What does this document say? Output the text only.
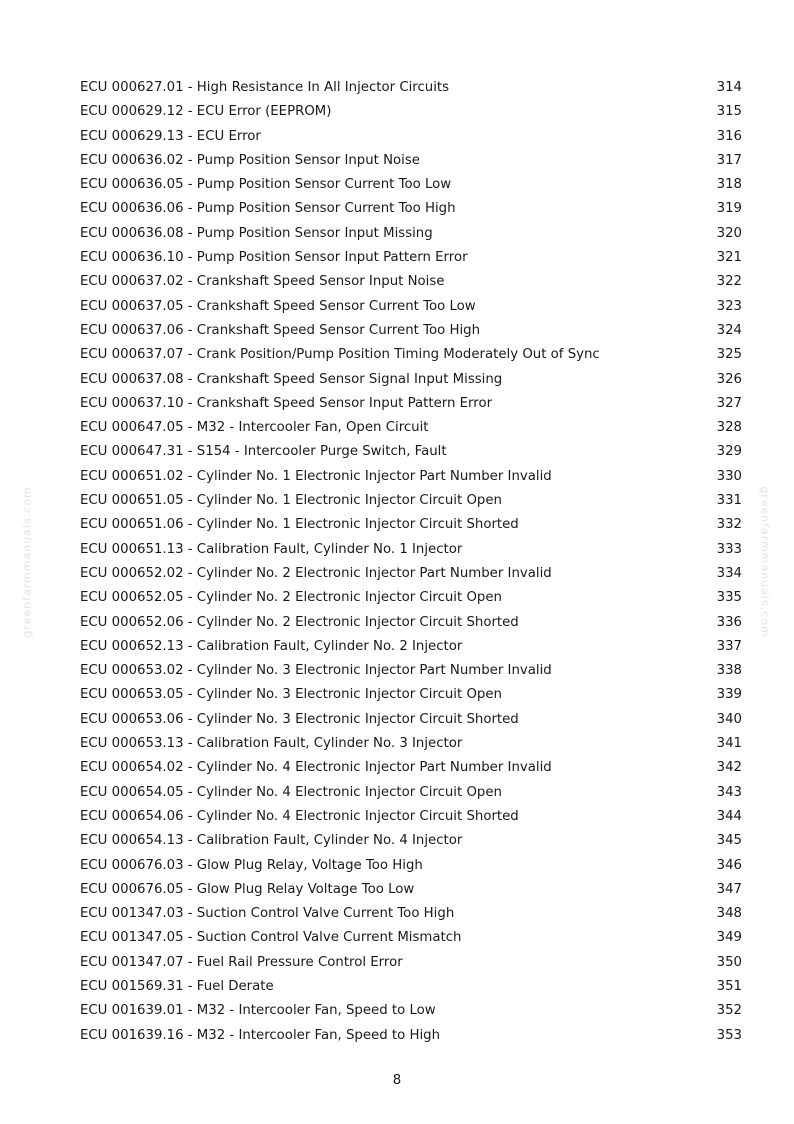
greenfarmmanuals.com	greenfarmmanuals.com
ECU 000627.01 - High Resistance In All Injector Circuits	314
ECU 000629.12 - ECU Error (EEPROM)	315
ECU 000629.13 - ECU Error	316
ECU 000636.02 - Pump Position Sensor Input Noise	317
ECU 000636.05 - Pump Position Sensor Current Too Low	318
ECU 000636.06 - Pump Position Sensor Current Too High	319
ECU 000636.08 - Pump Position Sensor Input Missing	320
ECU 000636.10 - Pump Position Sensor Input Pattern Error	321
ECU 000637.02 - Crankshaft Speed Sensor Input Noise	322
ECU 000637.05 - Crankshaft Speed Sensor Current Too Low	323
ECU 000637.06 - Crankshaft Speed Sensor Current Too High	324
ECU 000637.07 - Crank Position/Pump Position Timing Moderately Out of Sync	325
ECU 000637.08 - Crankshaft Speed Sensor Signal Input Missing	326
ECU 000637.10 - Crankshaft Speed Sensor Input Pattern Error	327
ECU 000647.05 - M32 - Intercooler Fan, Open Circuit	328
ECU 000647.31 - S154 - Intercooler Purge Switch, Fault	329
ECU 000651.02 - Cylinder No. 1 Electronic Injector Part Number Invalid	330
ECU 000651.05 - Cylinder No. 1 Electronic Injector Circuit Open	331
ECU 000651.06 - Cylinder No. 1 Electronic Injector Circuit Shorted	332
ECU 000651.13 - Calibration Fault, Cylinder No. 1 Injector	333
ECU 000652.02 - Cylinder No. 2 Electronic Injector Part Number Invalid	334
ECU 000652.05 - Cylinder No. 2 Electronic Injector Circuit Open	335
ECU 000652.06 - Cylinder No. 2 Electronic Injector Circuit Shorted	336
ECU 000652.13 - Calibration Fault, Cylinder No. 2 Injector	337
ECU 000653.02 - Cylinder No. 3 Electronic Injector Part Number Invalid	338
ECU 000653.05 - Cylinder No. 3 Electronic Injector Circuit Open	339
ECU 000653.06 - Cylinder No. 3 Electronic Injector Circuit Shorted	340
ECU 000653.13 - Calibration Fault, Cylinder No. 3 Injector	341
ECU 000654.02 - Cylinder No. 4 Electronic Injector Part Number Invalid	342
ECU 000654.05 - Cylinder No. 4 Electronic Injector Circuit Open	343
ECU 000654.06 - Cylinder No. 4 Electronic Injector Circuit Shorted	344
ECU 000654.13 - Calibration Fault, Cylinder No. 4 Injector	345
ECU 000676.03 - Glow Plug Relay, Voltage Too High	346
ECU 000676.05 - Glow Plug Relay Voltage Too Low	347
ECU 001347.03 - Suction Control Valve Current Too High	348
ECU 001347.05 - Suction Control Valve Current Mismatch	349
ECU 001347.07 - Fuel Rail Pressure Control Error	350
ECU 001569.31 - Fuel Derate	351
ECU 001639.01 - M32 - Intercooler Fan, Speed to Low	352
ECU 001639.16 - M32 - Intercooler Fan, Speed to High	353
8
